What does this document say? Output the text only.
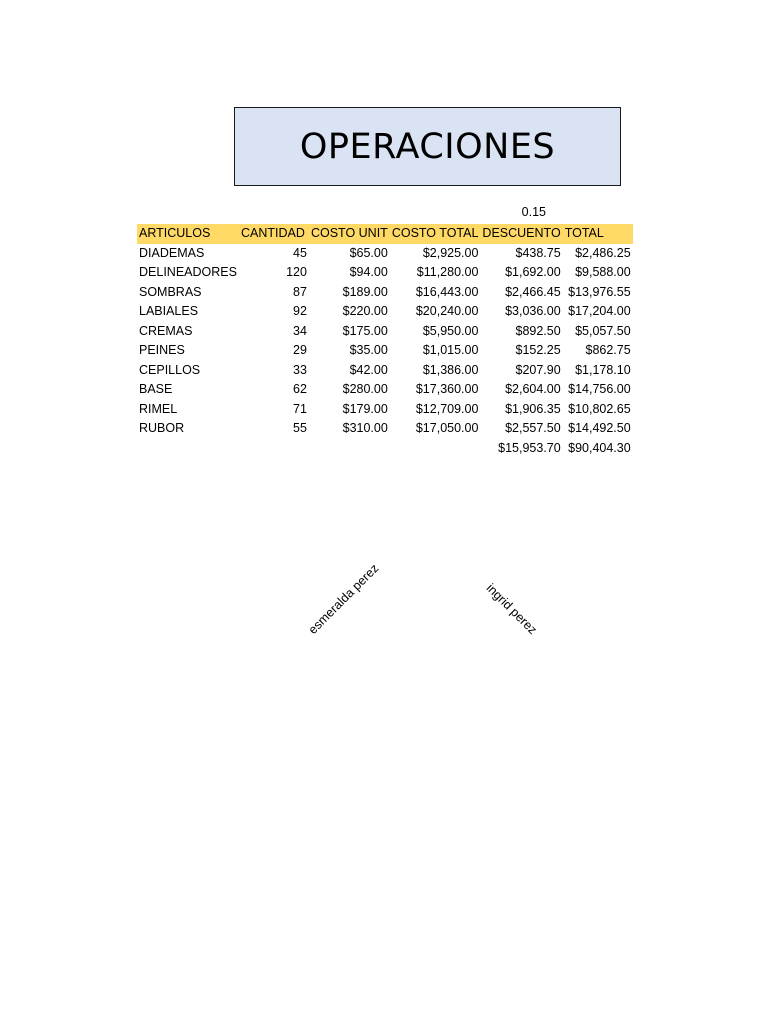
OPERACIONES
0.15
ARTICULOS	CANTIDAD	COSTO UNIT	COSTO TOTAL	DESCUENTO	TOTAL
DIADEMAS	45	$65.00	$2,925.00	$438.75	$2,486.25
DELINEADORES	120	$94.00	$11,280.00	$1,692.00	$9,588.00
SOMBRAS	87	$189.00	$16,443.00	$2,466.45	$13,976.55
LABIALES	92	$220.00	$20,240.00	$3,036.00	$17,204.00
CREMAS	34	$175.00	$5,950.00	$892.50	$5,057.50
PEINES	29	$35.00	$1,015.00	$152.25	$862.75
CEPILLOS	33	$42.00	$1,386.00	$207.90	$1,178.10
BASE	62	$280.00	$17,360.00	$2,604.00	$14,756.00
RIMEL	71	$179.00	$12,709.00	$1,906.35	$10,802.65
RUBOR	55	$310.00	$17,050.00	$2,557.50	$14,492.50
				$15,953.70	$90,404.30
esmeralda perez	ingrid perez
